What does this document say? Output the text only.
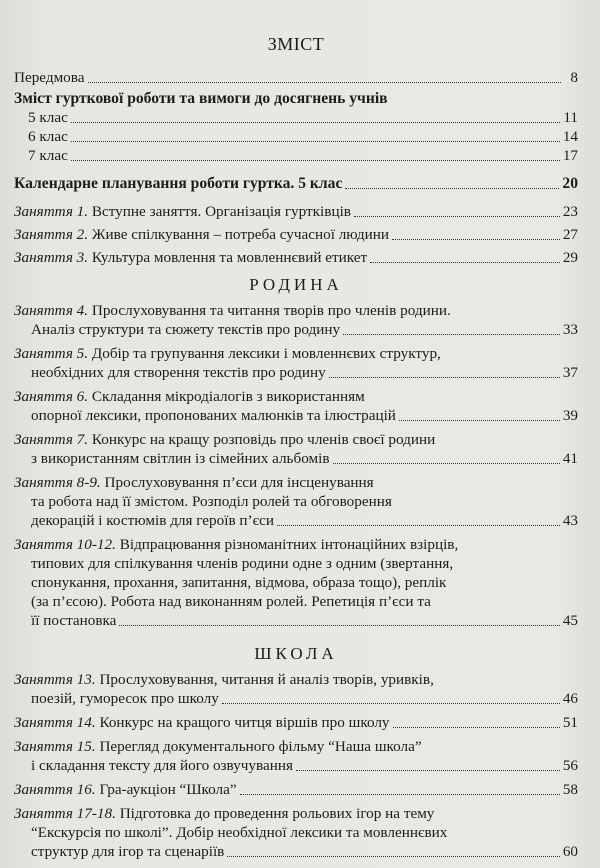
ЗМІСТ
Передмова	8
Зміст гурткової роботи та вимоги до досягнень учнів
5 клас	11
6 клас	14
7 клас	17
Календарне планування роботи гуртка. 5 клас	20
Заняття 1. Вступне заняття. Організація гуртківців	23
Заняття 2. Живе спілкування – потреба сучасної людини	27
Заняття 3. Культура мовлення та мовленнєвий етикет	29
РОДИНА
Заняття 4. Прослуховування та читання творів про членів родини.
Аналіз структури та сюжету текстів про родину	33
Заняття 5. Добір та групування лексики і мовленнєвих структур,
необхідних для створення текстів про родину	37
Заняття 6. Складання мікродіалогів з використанням
опорної лексики, пропонованих малюнків та ілюстрацій	39
Заняття 7. Конкурс на кращу розповідь про членів своєї родини
з використанням світлин із сімейних альбомів	41
Заняття 8-9. Прослуховування п’єси для інсценування
та робота над її змістом. Розподіл ролей та обговорення
декорацій і костюмів для героїв п’єси	43
Заняття 10-12. Відпрацювання різноманітних інтонаційних взірців,
типових для спілкування членів родини одне з одним (звертання,
спонукання, прохання, запитання, відмова, образа тощо), реплік
(за п’єсою). Робота над виконанням ролей. Репетиція п’єси та
її постановка	45
ШКОЛА
Заняття 13. Прослуховування, читання й аналіз творів, уривків,
поезій, гуморесок про школу	46
Заняття 14. Конкурс на кращого читця віршів про школу	51
Заняття 15. Перегляд документального фільму “Наша школа”
і складання тексту для його озвучування	56
Заняття 16. Гра-аукціон “Школа”	58
Заняття 17-18. Підготовка до проведення рольових ігор на тему
“Екскурсія по школі”. Добір необхідної лексики та мовленнєвих
структур для ігор та сценаріїв	60
